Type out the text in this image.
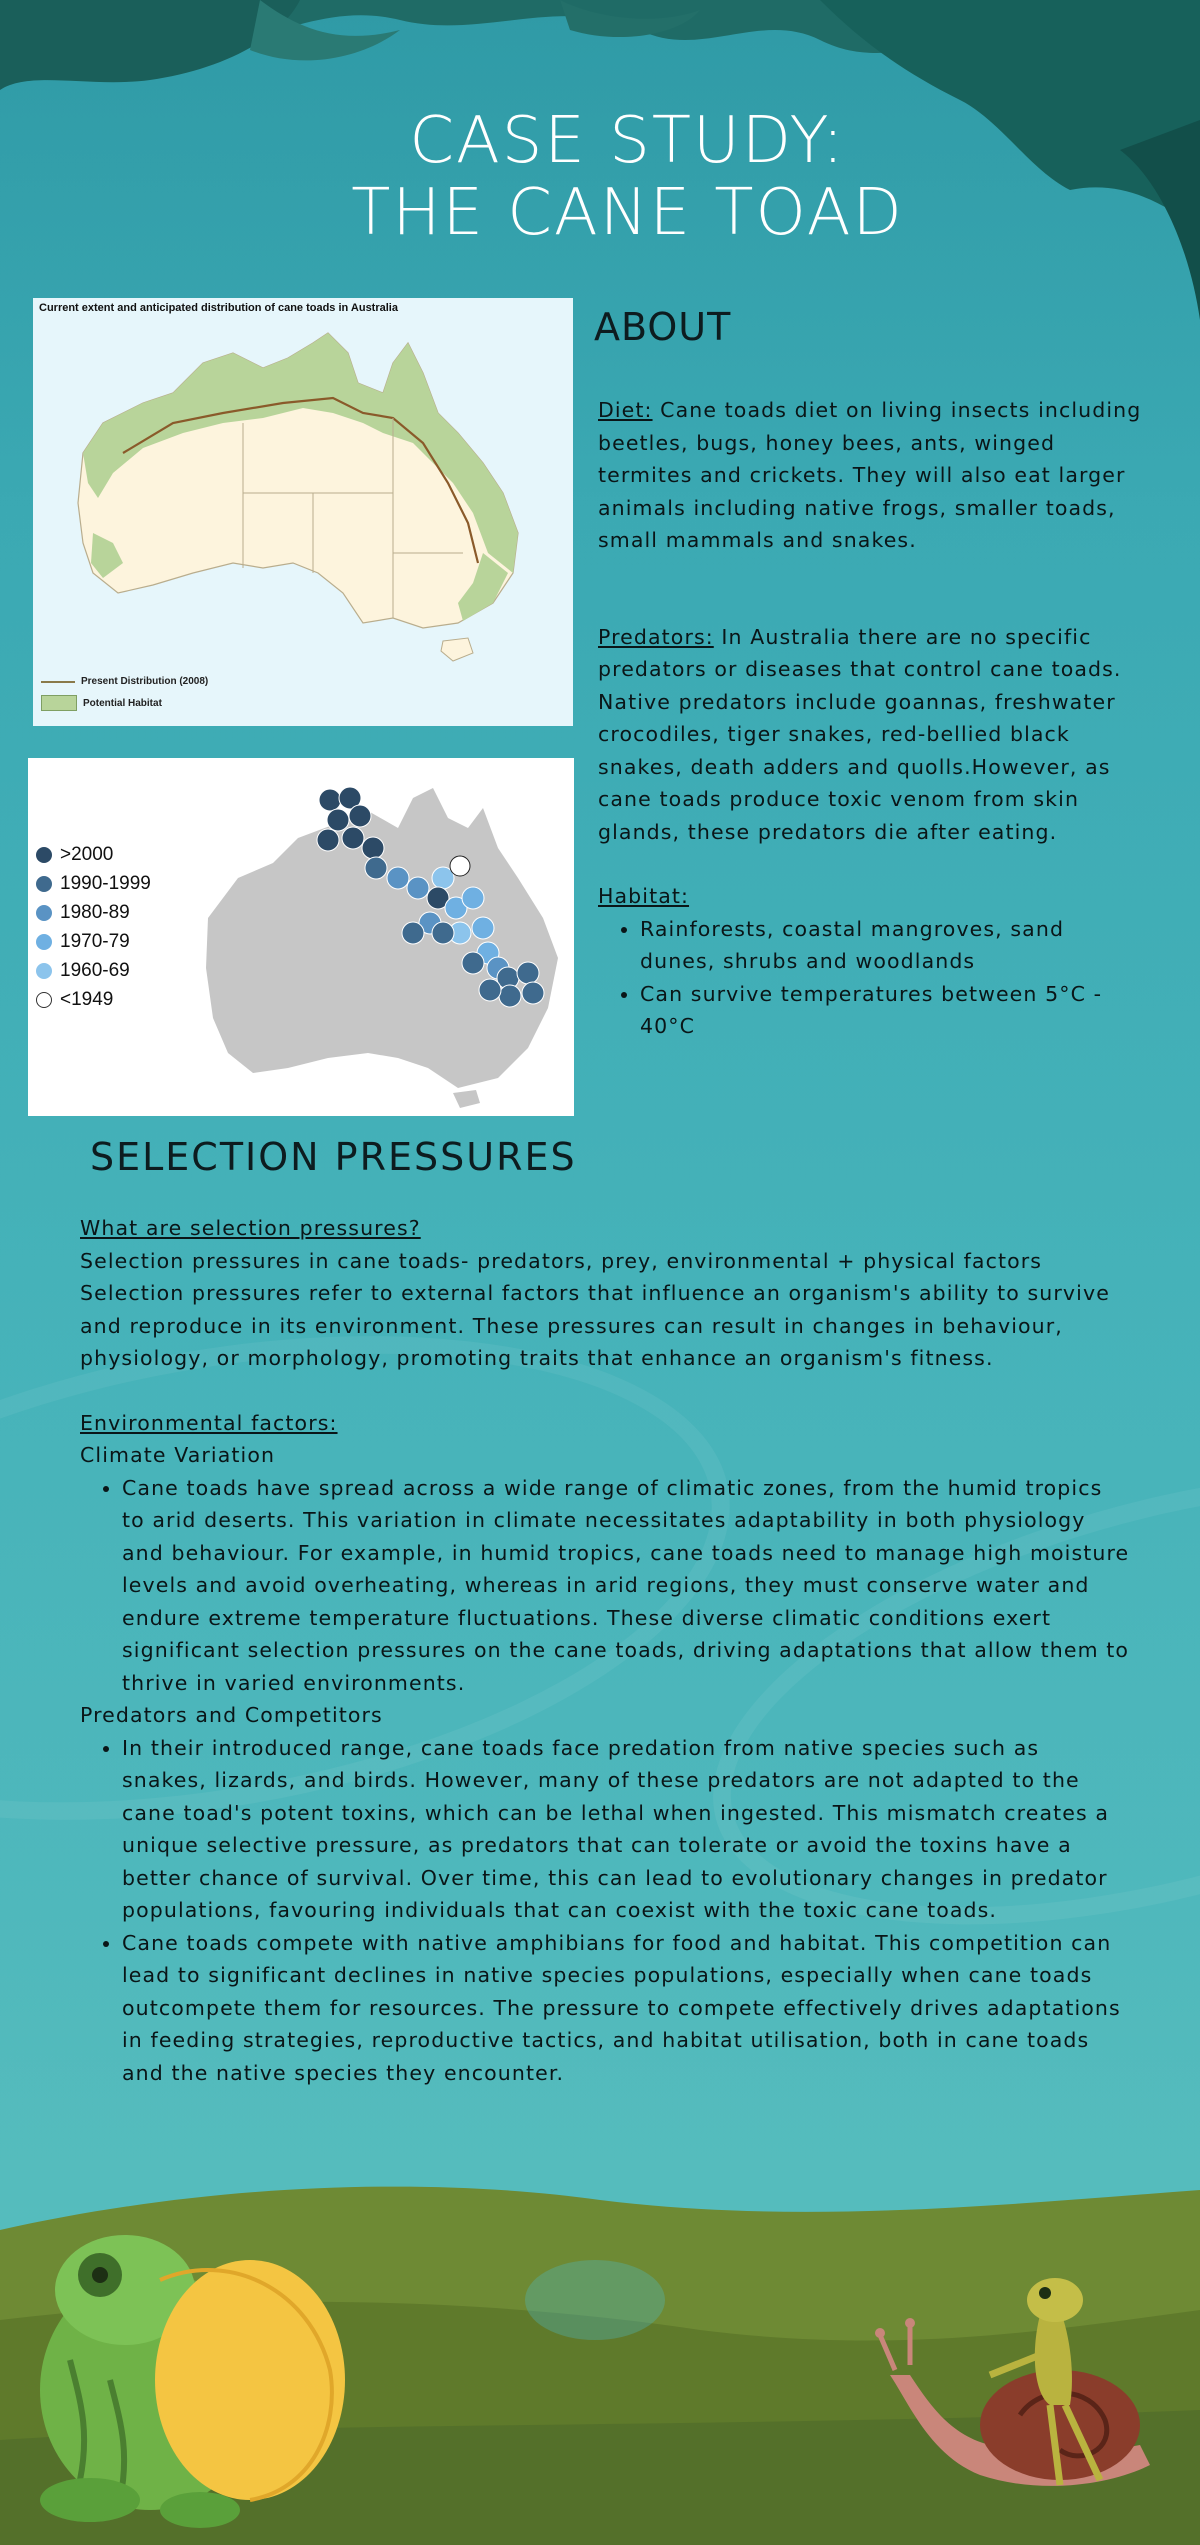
CASE STUDY:
THE CANE TOAD
Current extent and anticipated distribution of cane toads in Australia
Present Distribution (2008)
Potential Habitat
>2000
1990-1999
1980-89
1970-79
1960-69
<1949
ABOUT

Diet: Cane toads diet on living insects including beetles, bugs, honey bees, ants, winged termites and crickets. They will also eat larger animals including native frogs, smaller toads, small mammals and snakes.

Predators: In Australia there are no specific predators or diseases that control cane toads. Native predators include goannas, freshwater crocodiles, tiger snakes, red-bellied black snakes, death adders and quolls.However, as cane toads produce toxic venom from skin glands, these predators die after eating.

Habitat:

• Rainforests, coastal mangroves, sand dunes, shrubs and woodlands
• Can survive temperatures between 5°C - 40°C
SELECTION PRESSURES
What are selection pressures?
Selection pressures in cane toads- predators, prey, environmental + physical factors
Selection pressures refer to external factors that influence an organism's ability to survive and reproduce in its environment. These pressures can result in changes in behaviour, physiology, or morphology, promoting traits that enhance an organism's fitness.
Environmental factors:
Climate Variation
• Cane toads have spread across a wide range of climatic zones, from the humid tropics to arid deserts. This variation in climate necessitates adaptability in both physiology and behaviour. For example, in humid tropics, cane toads need to manage high moisture levels and avoid overheating, whereas in arid regions, they must conserve water and endure extreme temperature fluctuations. These diverse climatic conditions exert significant selection pressures on the cane toads, driving adaptations that allow them to thrive in varied environments.
Predators and Competitors
• In their introduced range, cane toads face predation from native species such as snakes, lizards, and birds. However, many of these predators are not adapted to the cane toad's potent toxins, which can be lethal when ingested. This mismatch creates a unique selective pressure, as predators that can tolerate or avoid the toxins have a better chance of survival. Over time, this can lead to evolutionary changes in predator populations, favouring individuals that can coexist with the toxic cane toads.
• Cane toads compete with native amphibians for food and habitat. This competition can lead to significant declines in native species populations, especially when cane toads outcompete them for resources. The pressure to compete effectively drives adaptations in feeding strategies, reproductive tactics, and habitat utilisation, both in cane toads and the native species they encounter.
